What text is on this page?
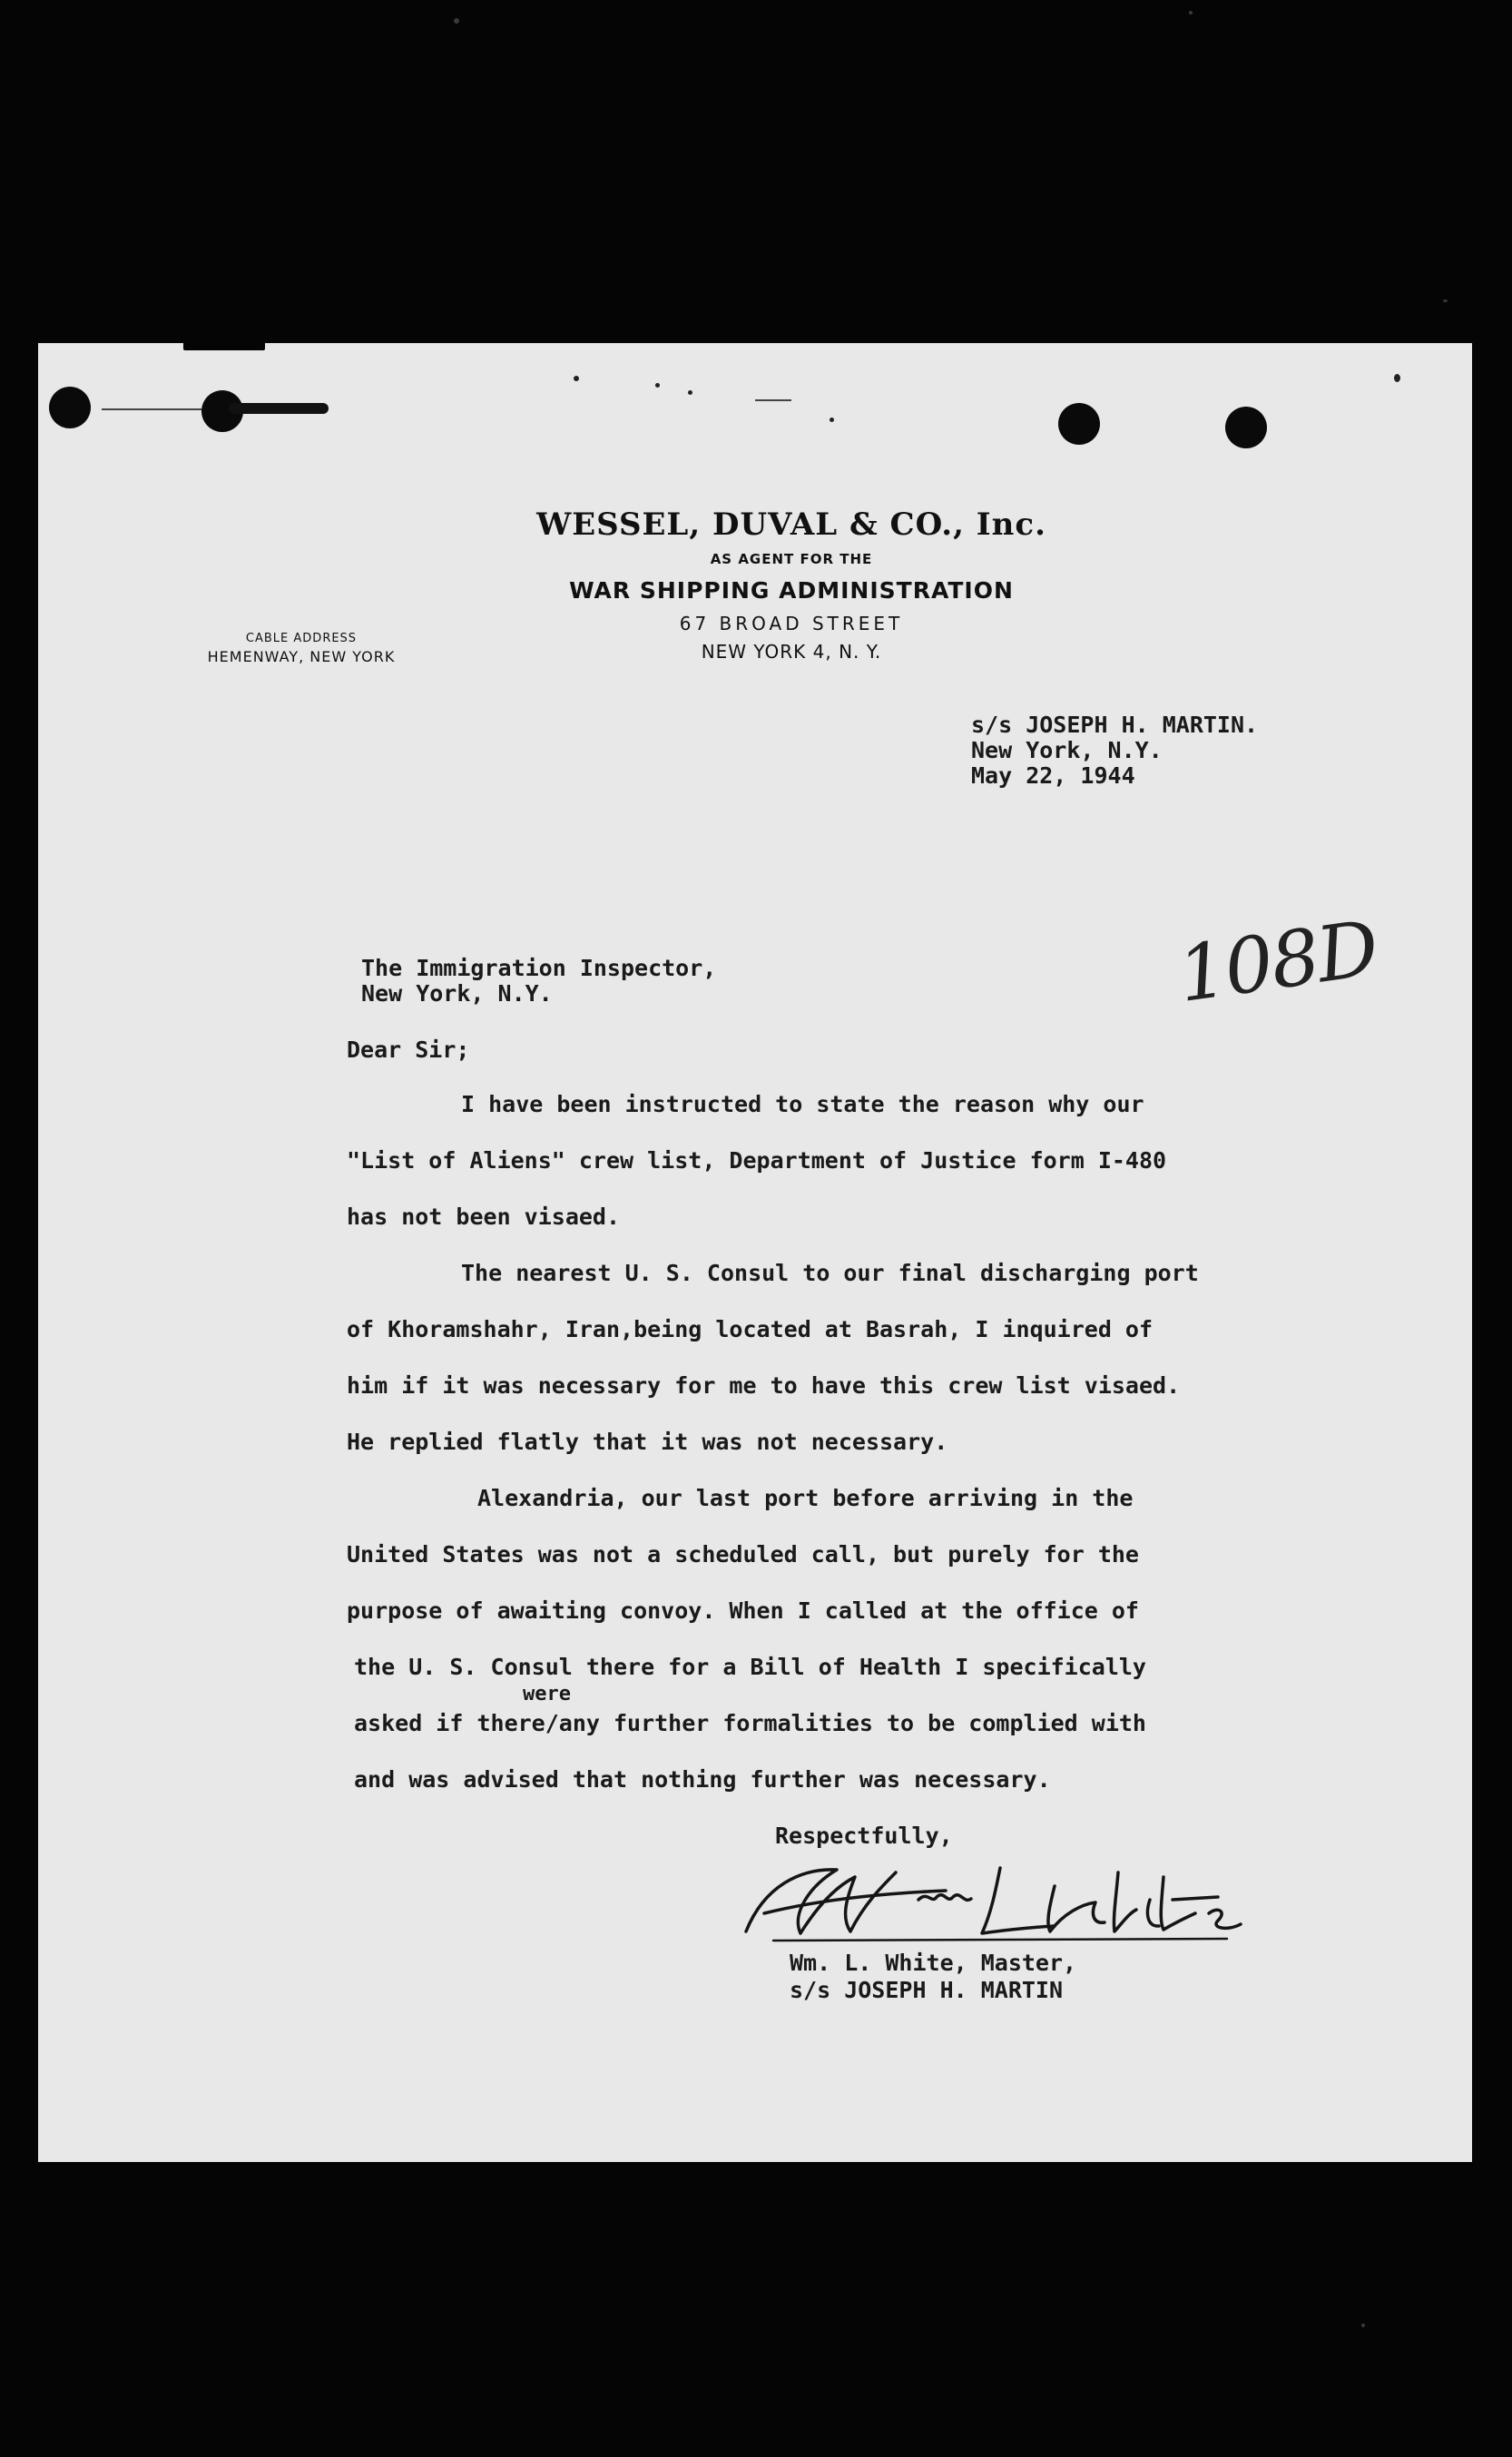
WESSEL, DUVAL & CO., Inc.
AS AGENT FOR THE
WAR SHIPPING ADMINISTRATION
67 BROAD STREET
NEW YORK 4, N. Y.
CABLE ADDRESS
HEMENWAY, NEW YORK
s/s JOSEPH H. MARTIN.
New York, N.Y.
May 22, 1944
108D
The Immigration Inspector,
New York, N.Y.
Dear Sir;
I have been instructed to state the reason why our
"List of Aliens" crew list, Department of Justice form I-480
has not been visaed.
The nearest U. S. Consul to our final discharging port
of Khoramshahr, Iran,being located at Basrah, I inquired of
him if it was necessary for me to have this crew list visaed.
He replied flatly that it was not necessary.
Alexandria, our last port before arriving in the
United States was not a scheduled call, but purely for the
purpose of awaiting convoy. When I called at the office of
the U. S. Consul there for a Bill of Health I specifically
were
asked if there/any further formalities to be complied with
and was advised that nothing further was necessary.
Respectfully,
Wm. L. White, Master,
s/s JOSEPH H. MARTIN
